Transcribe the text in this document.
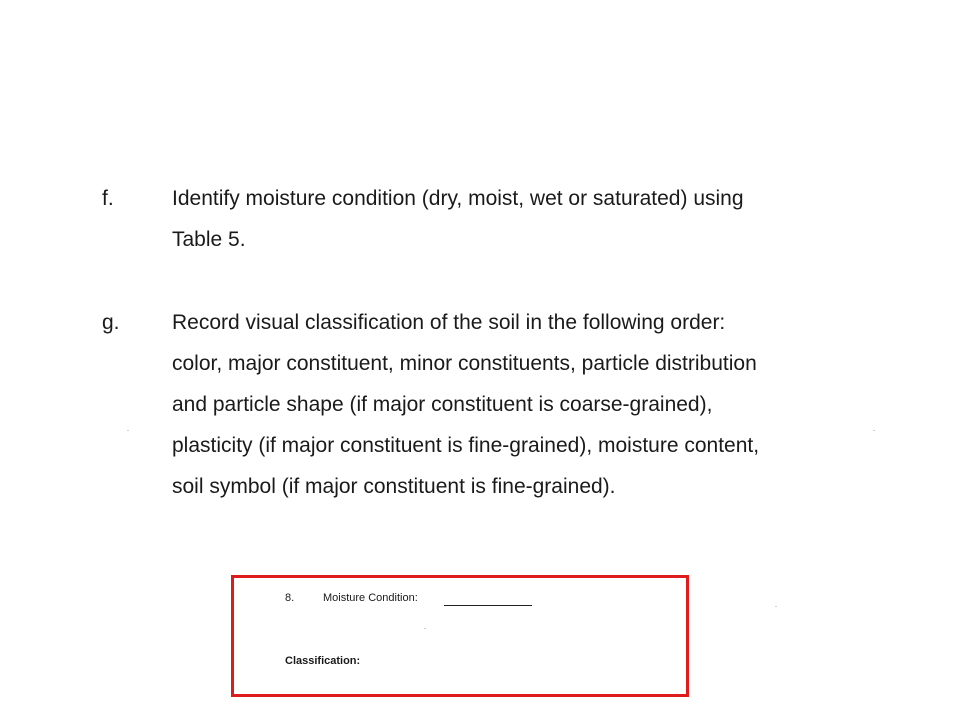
f.	Identify moisture condition (dry, moist, wet or saturated) using
Table 5.
g. Record visual classification of the soil in the following order:
color, major constituent, minor constituents, particle distribution
and particle shape (if major constituent is coarse-grained),
plasticity (if major constituent is fine-grained), moisture content,
soil symbol (if major constituent is fine-grained).
8.	Moisture Condition:
Classification:
